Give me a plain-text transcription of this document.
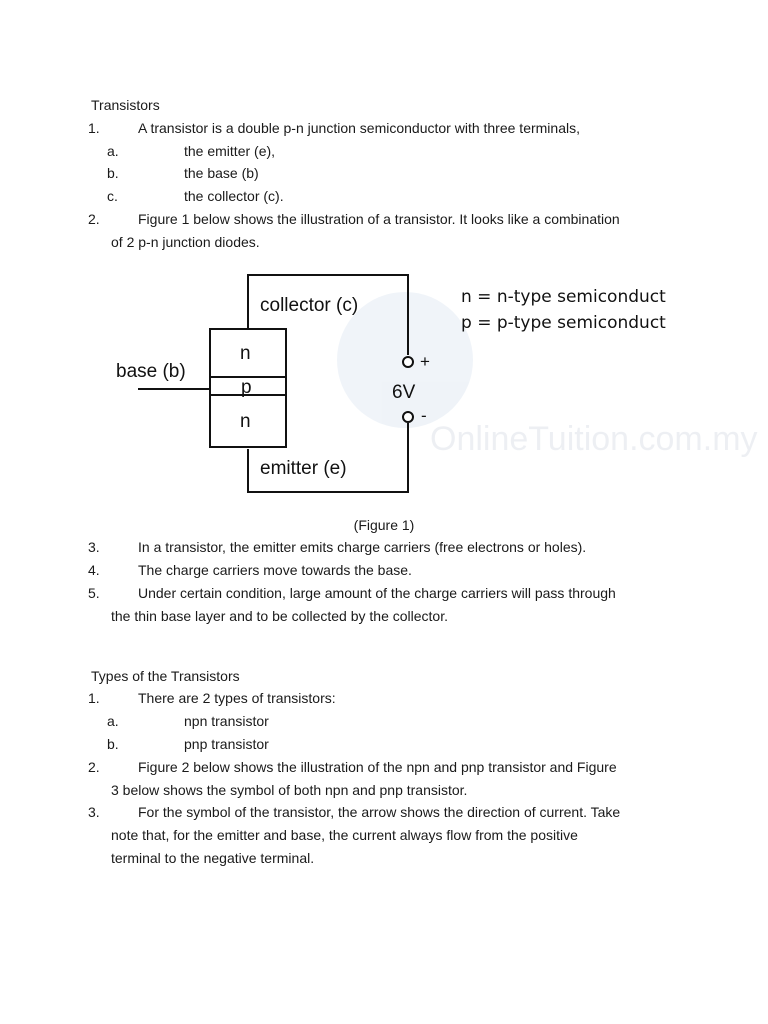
Transistors
1.	A transistor is a double p-n junction semiconductor with three terminals,
a.	the emitter (e),
b.	the base (b)
c.	the collector (c).
2.	Figure 1 below shows the illustration of a transistor. It looks like a combination
of 2 p-n junction diodes.
OnlineTuition.com.my
n
p
n
collector (c)
emitter (e)
base (b)	+
-
6V
n = n-type semiconduct
p = p-type semiconduct
(Figure 1)
3.	In a transistor, the emitter emits charge carriers (free electrons or holes).
4.	The charge carriers move towards the base.
5.	Under certain condition, large amount of the charge carriers will pass through
the thin base layer and to be collected by the collector.
Types of the Transistors
1.	There are 2 types of transistors:
a.	npn transistor
b.	pnp transistor
2.	Figure 2 below shows the illustration of the npn and pnp transistor and Figure
3 below shows the symbol of both npn and pnp transistor.
3.	For the symbol of the transistor, the arrow shows the direction of current. Take
note that, for the emitter and base, the current always flow from the positive
terminal to the negative terminal.
